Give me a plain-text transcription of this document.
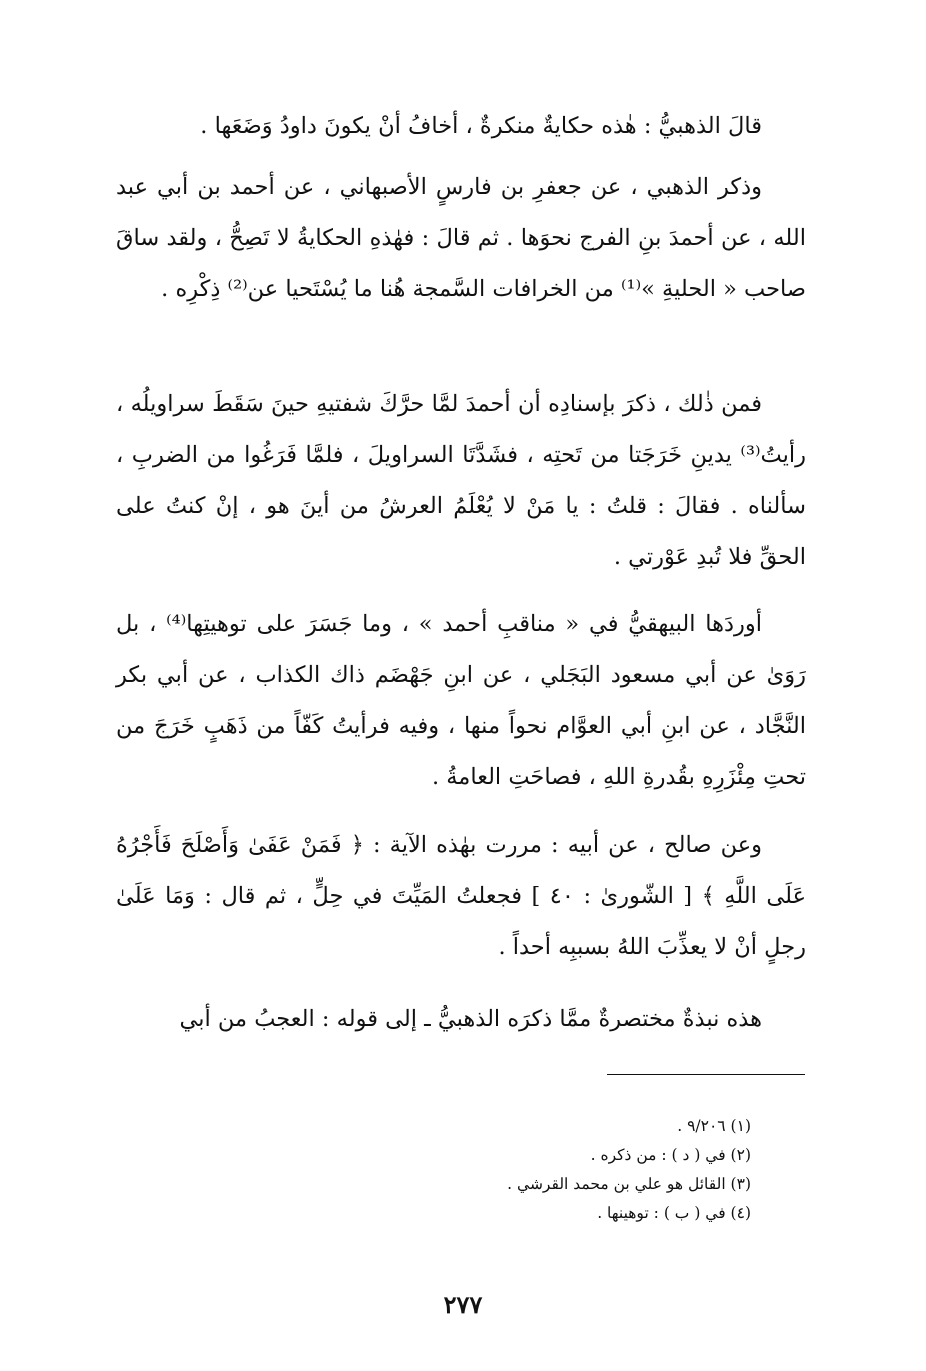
قالَ الذهبيُّ : هٰذه حكايةٌ منكرةٌ ، أخافُ أنْ يكونَ داودُ وَضَعَها .

وذكر الذهبي ، عن جعفرِ بن فارسٍ الأصبهاني ، عن أحمد بن أبي عبد الله ، عن أحمدَ بنِ الفرج نحوَها . ثم قالَ : فهٰذهِ الحكايةُ لا تَصِحُّ ، ولقد ساقَ صاحب « الحليةِ »⁽¹⁾ من الخرافات السَّمجة هُنا ما يُسْتَحيا عن⁽²⁾ ذِكْرِه .

فمن ذٰلك ، ذكرَ بإسنادِه أن أحمدَ لمَّا حرَّكَ شفتيهِ حينَ سَقَطَ سراويلُه ، رأيتُ⁽³⁾ يدينِ خَرَجَتا من تَحتِه ، فشَدَّتَا السراويلَ ، فلمَّا فَرَغُوا من الضربِ ، سألناه . فقالَ : قلتُ : يا مَنْ لا يُعْلَمُ العرشُ من أينَ هو ، إنْ كنتُ على الحقِّ فلا تُبدِ عَوْرتي .

أوردَها البيهقيُّ في « مناقبِ أحمد » ، وما جَسَرَ على توهيتِها⁽⁴⁾ ، بل رَوَىٰ عن أبي مسعود البَجَلي ، عن ابنِ جَهْضَم ذاك الكذاب ، عن أبي بكر النَّجَّاد ، عن ابنِ أبي العوَّام نحواً منها ، وفيه فرأيتُ كَفّاً من ذَهَبٍ خَرَجَ من تحتِ مِئْزَرِهِ بقُدرةِ اللهِ ، فصاحَتِ العامةُ .

وعن صالح ، عن أبيه : مررت بهٰذه الآية : ﴿ فَمَنْ عَفَىٰ وَأَصْلَحَ فَأَجْرُهُ عَلَى اللَّهِ ﴾ [ الشّورىٰ : ٤٠ ] فجعلتُ المَيِّتَ في حِلٍّ ، ثم قال : وَمَا عَلَىٰ رجلٍ أنْ لا يعذِّبَ اللهُ بسببِه أحداً .

هذه نبذةٌ مختصرةٌ ممَّا ذكرَه الذهبيُّ ـ إلى قوله : العجبُ من أبي

(١) ٩/٢٠٦ .
(٢) في ( د ) : من ذكره .
(٣) القائل هو علي بن محمد القرشي .
(٤) في ( ب ) : توهينها .
٢٧٧
